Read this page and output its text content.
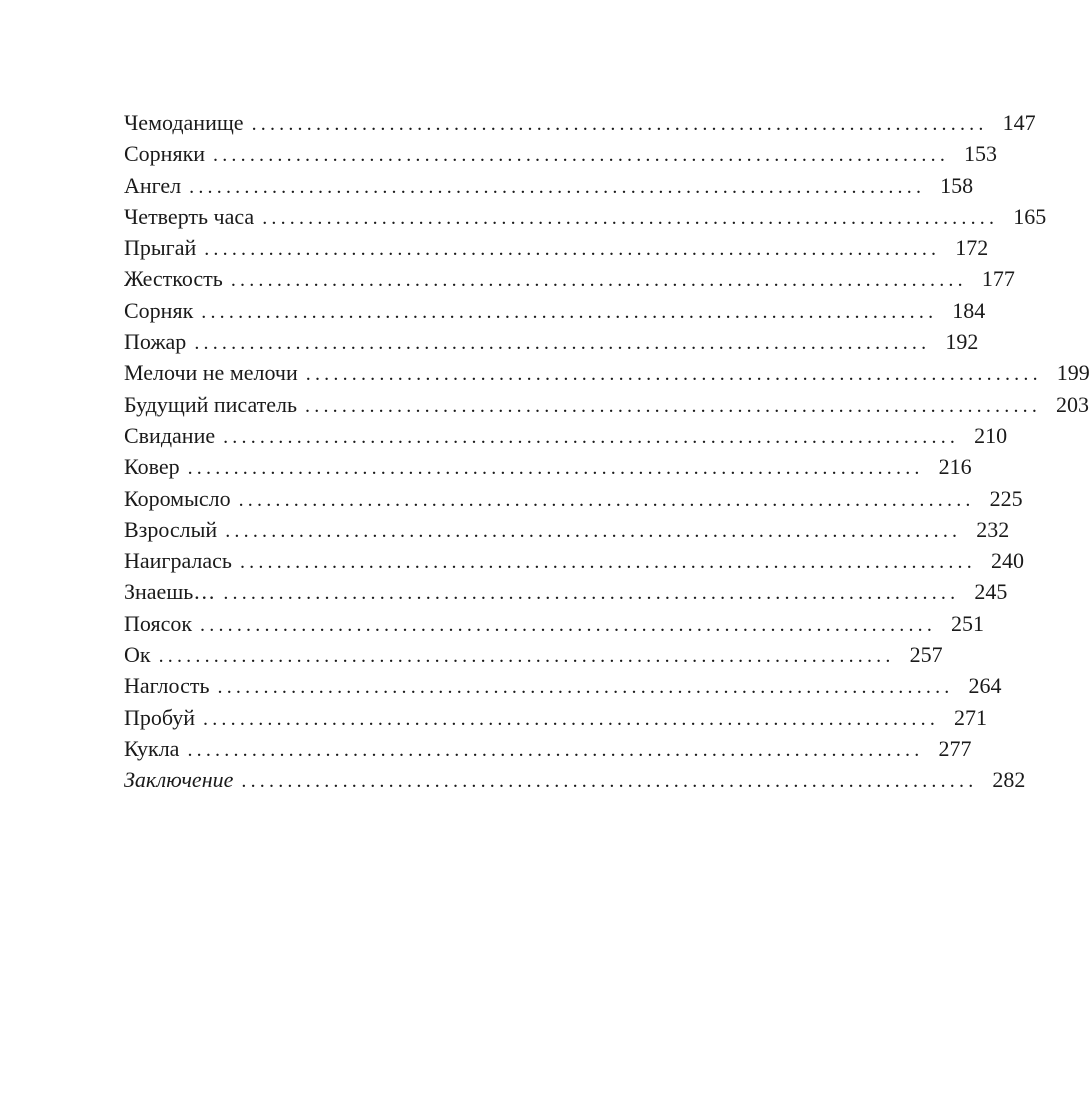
Чемоданище ................................................................................ 147
Сорняки ................................................................................ 153
Ангел ................................................................................ 158
Четверть часа ................................................................................ 165
Прыгай ................................................................................ 172
Жесткость ................................................................................ 177
Сорняк ................................................................................ 184
Пожар ................................................................................ 192
Мелочи не мелочи ................................................................................ 199
Будущий писатель ................................................................................ 203
Свидание ................................................................................ 210
Ковер ................................................................................ 216
Коромысло ................................................................................ 225
Взрослый ................................................................................ 232
Наигралась ................................................................................ 240
Знаешь… ................................................................................ 245
Поясок ................................................................................ 251
Ок ................................................................................ 257
Наглость ................................................................................ 264
Пробуй ................................................................................ 271
Кукла ................................................................................ 277
Заключение ................................................................................ 282
